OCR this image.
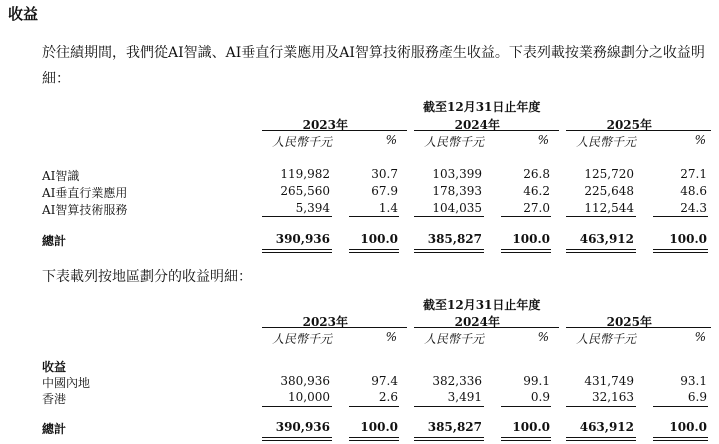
收益
於往績期間，我們從AI智識、AI垂直行業應用及AI智算技術服務產生收益。下表列載按業務線劃分之收益明細：
截至12月31日止年度
2023年	2024年	2025年
人民幣千元	%	人民幣千元	%	人民幣千元	%
AI智識	119,982	30.7	103,399	26.8	125,720	27.1
AI垂直行業應用	265,560	67.9	178,393	46.2	225,648	48.6
AI智算技術服務	5,394	1.4	104,035	27.0	112,544	24.3
總計	390,936	100.0	385,827	100.0	463,912	100.0
下表載列按地區劃分的收益明細：
截至12月31日止年度
2023年	2024年	2025年
人民幣千元	%	人民幣千元	%	人民幣千元	%
收益
中國內地	380,936	97.4	382,336	99.1	431,749	93.1
香港	10,000	2.6	3,491	0.9	32,163	6.9
總計	390,936	100.0	385,827	100.0	463,912	100.0
